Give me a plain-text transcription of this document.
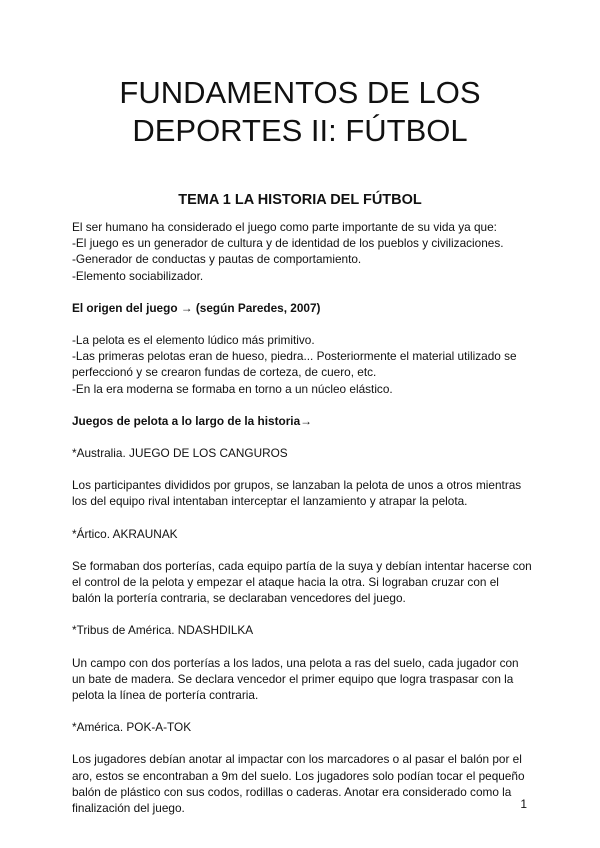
FUNDAMENTOS DE LOS
DEPORTES II: FÚTBOL
TEMA 1 LA HISTORIA DEL FÚTBOL

El ser humano ha considerado el juego como parte importante de su vida ya que:

-El juego es un generador de cultura y de identidad de los pueblos y civilizaciones.

-Generador de conductas y pautas de comportamiento.

-Elemento sociabilizador.

El origen del juego → (según Paredes, 2007)

-La pelota es el elemento lúdico más primitivo.

-Las primeras pelotas eran de hueso, piedra... Posteriormente el material utilizado se

perfeccionó y se crearon fundas de corteza, de cuero, etc.

-En la era moderna se formaba en torno a un núcleo elástico.

Juegos de pelota a lo largo de la historia→

*Australia. JUEGO DE LOS CANGUROS

Los participantes divididos por grupos, se lanzaban la pelota de unos a otros mientras

los del equipo rival intentaban interceptar el lanzamiento y atrapar la pelota.

*Ártico. AKRAUNAK

Se formaban dos porterías, cada equipo partía de la suya y debían intentar hacerse con

el control de la pelota y empezar el ataque hacia la otra. Si lograban cruzar con el

balón la portería contraria, se declaraban vencedores del juego.

*Tribus de América. NDASHDILKA

Un campo con dos porterías a los lados, una pelota a ras del suelo, cada jugador con

un bate de madera. Se declara vencedor el primer equipo que logra traspasar con la

pelota la línea de portería contraria.

*América. POK-A-TOK

Los jugadores debían anotar al impactar con los marcadores o al pasar el balón por el

aro, estos se encontraban a 9m del suelo. Los jugadores solo podían tocar el pequeño

balón de plástico con sus codos, rodillas o caderas. Anotar era considerado como la

finalización del juego.	1
